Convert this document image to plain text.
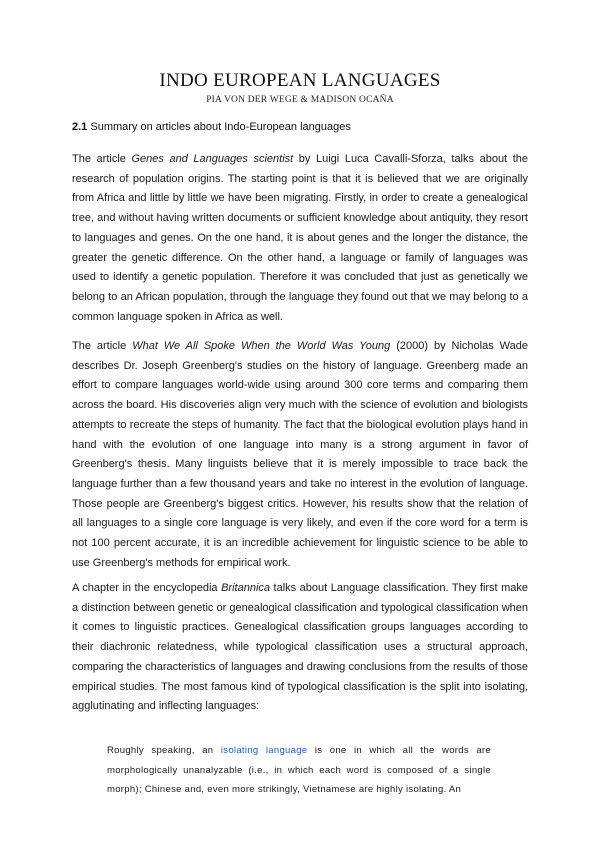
INDO EUROPEAN LANGUAGES
PIA VON DER WEGE & MADISON OCAÑA
2.1 Summary on articles about Indo-European languages

The article Genes and Languages scientist by Luigi Luca Cavalli-Sforza, talks about the research of population origins. The starting point is that it is believed that we are originally from Africa and little by little we have been migrating. Firstly, in order to create a genealogical tree, and without having written documents or sufficient knowledge about antiquity, they resort to languages and genes. On the one hand, it is about genes and the longer the distance, the greater the genetic difference. On the other hand, a language or family of languages was used to identify a genetic population. Therefore it was concluded that just as genetically we belong to an African population, through the language they found out that we may belong to a common language spoken in Africa as well.

The article What We All Spoke When the World Was Young (2000) by Nicholas Wade describes Dr. Joseph Greenberg's studies on the history of language. Greenberg made an effort to compare languages world-wide using around 300 core terms and comparing them across the board. His discoveries align very much with the science of evolution and biologists attempts to recreate the steps of humanity. The fact that the biological evolution plays hand in hand with the evolution of one language into many is a strong argument in favor of Greenberg's thesis. Many linguists believe that it is merely impossible to trace back the language further than a few thousand years and take no interest in the evolution of language. Those people are Greenberg's biggest critics. However, his results show that the relation of all languages to a single core language is very likely, and even if the core word for a term is not 100 percent accurate, it is an incredible achievement for linguistic science to be able to use Greenberg's methods for empirical work.

A chapter in the encyclopedia Britannica talks about Language classification. They first make a distinction between genetic or genealogical classification and typological classification when it comes to linguistic practices. Genealogical classification groups languages according to their diachronic relatedness, while typological classification uses a structural approach, comparing the characteristics of languages and drawing conclusions from the results of those empirical studies. The most famous kind of typological classification is the split into isolating, agglutinating and inflecting languages:

Roughly speaking, an isolating language is one in which all the words are morphologically unanalyzable (i.e., in which each word is composed of a single morph); Chinese and, even more strikingly, Vietnamese are highly isolating. An
